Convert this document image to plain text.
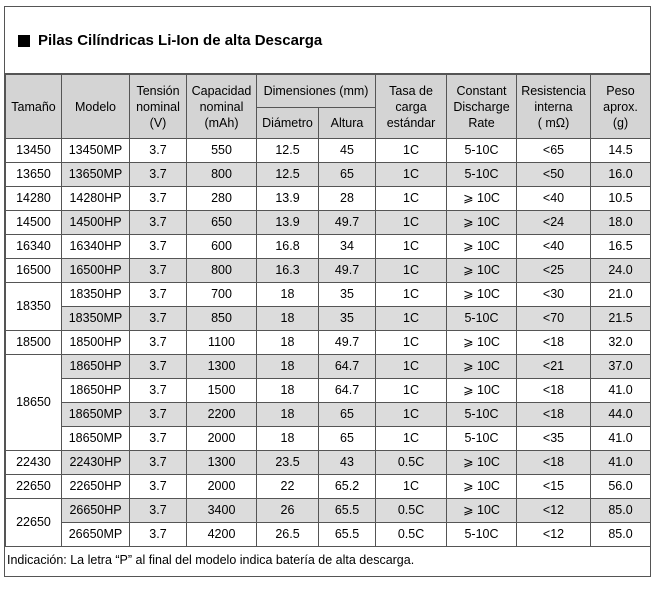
Pilas Cilíndricas Li-Ion de alta Descarga
Tamaño	Modelo	Tensión
nominal
(V)	Capacidad
nominal
(mAh)	Dimensiones (mm)		Tasa de
carga
estándar	Constant
Discharge
Rate	Resistencia
interna
( mΩ)	Peso
aprox.
(g)
				Diámetro	Altura				
13450	13450MP	3.7	550	12.5	45	1C	5-10C	<65	14.5
13650	13650MP	3.7	800	12.5	65	1C	5-10C	<50	16.0
14280	14280HP	3.7	280	13.9	28	1C	⩾ 10C	<40	10.5
14500	14500HP	3.7	650	13.9	49.7	1C	⩾ 10C	<24	18.0
16340	16340HP	3.7	600	16.8	34	1C	⩾ 10C	<40	16.5
16500	16500HP	3.7	800	16.3	49.7	1C	⩾ 10C	<25	24.0
18350	18350HP	3.7	700	18	35	1C	⩾ 10C	<30	21.0
	18350MP	3.7	850	18	35	1C	5-10C	<70	21.5
18500	18500HP	3.7	1100	18	49.7	1C	⩾ 10C	<18	32.0
18650	18650HP	3.7	1300	18	64.7	1C	⩾ 10C	<21	37.0
	18650HP	3.7	1500	18	64.7	1C	⩾ 10C	<18	41.0
	18650MP	3.7	2200	18	65	1C	5-10C	<18	44.0
	18650MP	3.7	2000	18	65	1C	5-10C	<35	41.0
22430	22430HP	3.7	1300	23.5	43	0.5C	⩾ 10C	<18	41.0
22650	22650HP	3.7	2000	22	65.2	1C	⩾ 10C	<15	56.0
22650	26650HP	3.7	3400	26	65.5	0.5C	⩾ 10C	<12	85.0
	26650MP	3.7	4200	26.5	65.5	0.5C	5-10C	<12	85.0
Indicación: La letra “P” al final del modelo indica batería de alta descarga.
